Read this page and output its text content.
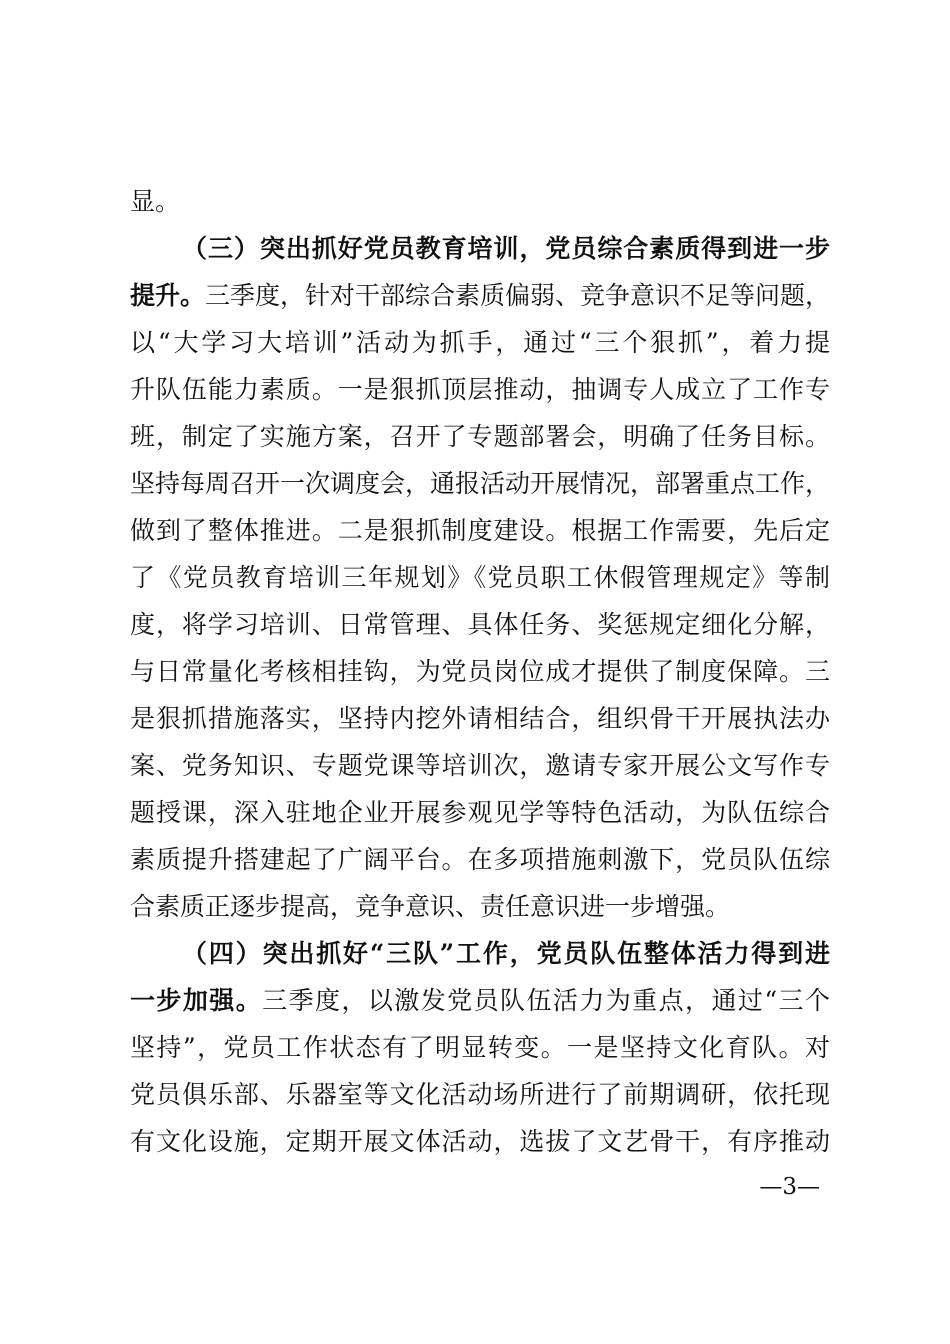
显。
（三）突出抓好党员教育培训，党员综合素质得到进一步
提升。三季度，针对干部综合素质偏弱、竞争意识不足等问题，
以“大学习大培训”活动为抓手，通过“三个狠抓”，着力提
升队伍能力素质。一是狠抓顶层推动，抽调专人成立了工作专
班，制定了实施方案，召开了专题部署会，明确了任务目标。
坚持每周召开一次调度会，通报活动开展情况，部署重点工作，
做到了整体推进。二是狠抓制度建设。根据工作需要，先后定
了《党员教育培训三年规划》《党员职工休假管理规定》等制
度，将学习培训、日常管理、具体任务、奖惩规定细化分解，
与日常量化考核相挂钩，为党员岗位成才提供了制度保障。三
是狠抓措施落实，坚持内挖外请相结合，组织骨干开展执法办
案、党务知识、专题党课等培训次，邀请专家开展公文写作专
题授课，深入驻地企业开展参观见学等特色活动，为队伍综合
素质提升搭建起了广阔平台。在多项措施刺激下，党员队伍综
合素质正逐步提高，竞争意识、责任意识进一步增强。
（四）突出抓好“三队”工作，党员队伍整体活力得到进
一步加强。三季度，以激发党员队伍活力为重点，通过“三个
坚持”，党员工作状态有了明显转变。一是坚持文化育队。对
党员俱乐部、乐器室等文化活动场所进行了前期调研，依托现
有文化设施，定期开展文体活动，选拔了文艺骨干，有序推动
—3—
